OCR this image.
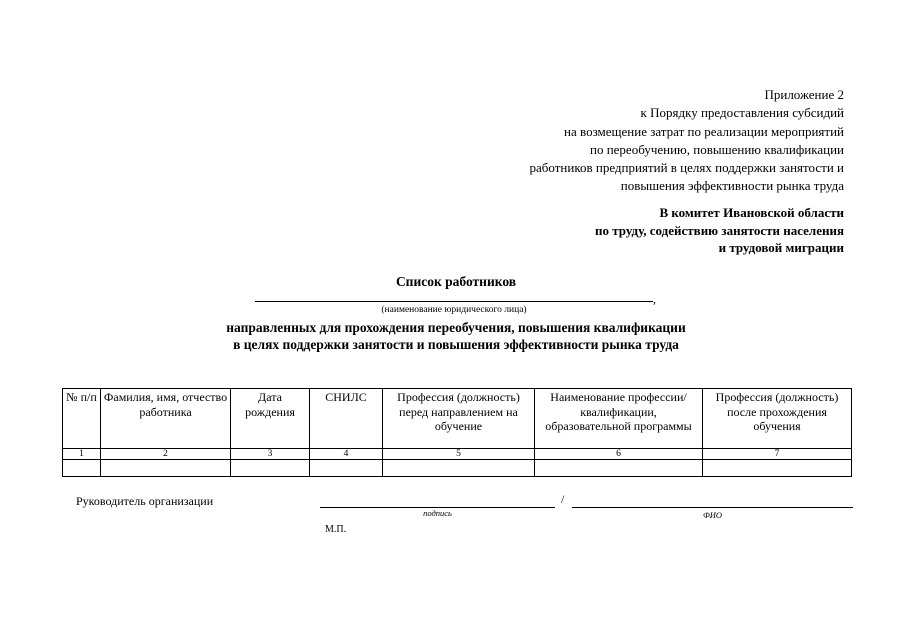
Приложение 2
к Порядку предоставления субсидий
на возмещение затрат по реализации мероприятий
по переобучению, повышению квалификации
работников предприятий в целях поддержки занятости и
повышения эффективности рынка труда
В комитет Ивановской области
по труду, содействию занятости населения
и трудовой миграции
Список работников
,
(наименование юридического лица)
направленных для прохождения переобучения, повышения квалификации
в целях поддержки занятости и повышения эффективности рынка труда
№ п/п	Фамилия, имя, отчество работника	Дата рождения	СНИЛС	Профессия (должность) перед направлением на обучение	Наименование профессии/квалификации, образовательной программы	Профессия (должность) после прохождения обучения
1	2	3	4	5	6	7

Руководитель организации	/
подпись	ФИО
М.П.
